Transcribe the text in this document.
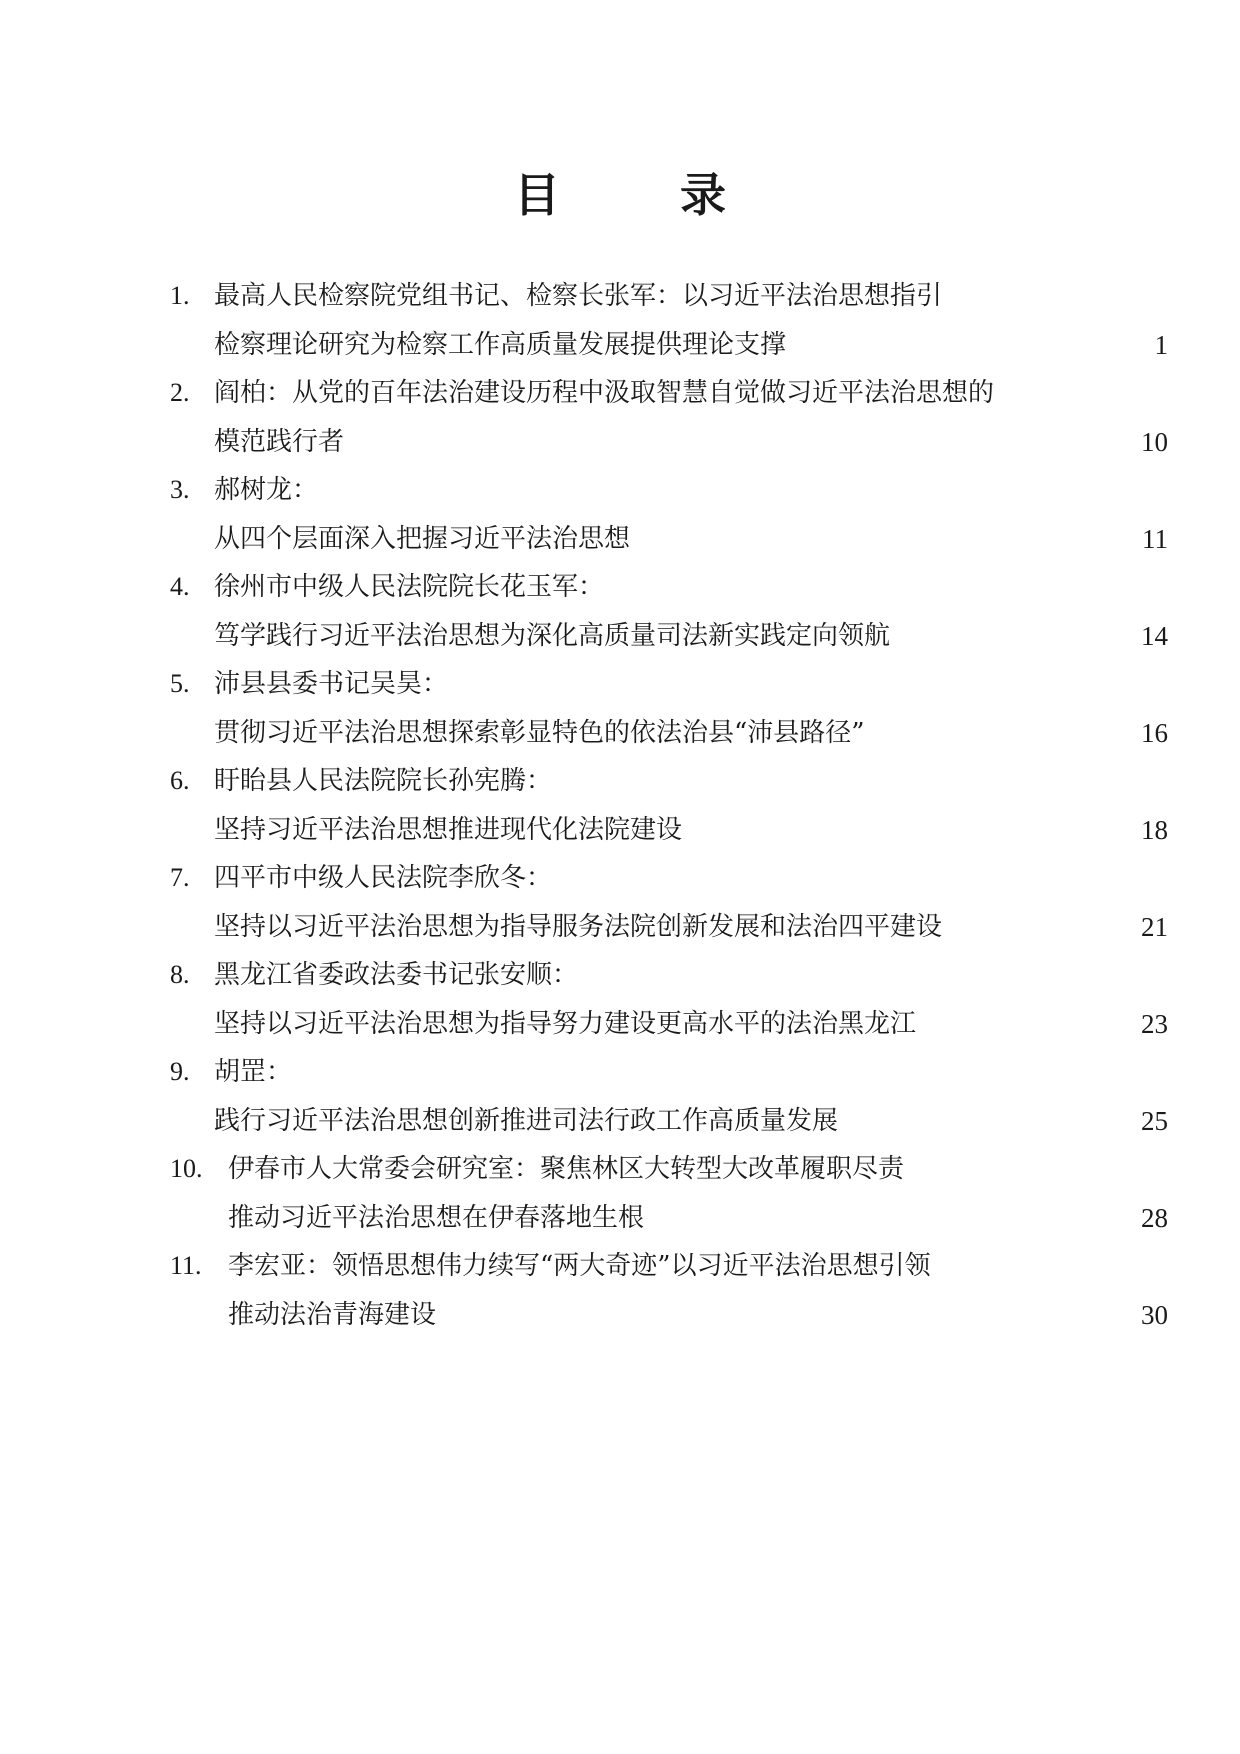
目 录
1. 最高人民检察院党组书记、检察长张军：以习近平法治思想指引
检察理论研究为检察工作高质量发展提供理论支撑	1
2. 阎柏：从党的百年法治建设历程中汲取智慧自觉做习近平法治思想的
模范践行者	10
3. 郝树龙：
从四个层面深入把握习近平法治思想	11
4. 徐州市中级人民法院院长花玉军：
笃学践行习近平法治思想为深化高质量司法新实践定向领航	14
5. 沛县县委书记吴昊：
贯彻习近平法治思想探索彰显特色的依法治县“沛县路径”	16
6. 盱眙县人民法院院长孙宪腾：
坚持习近平法治思想推进现代化法院建设	18
7. 四平市中级人民法院李欣冬：
坚持以习近平法治思想为指导服务法院创新发展和法治四平建设	21
8. 黑龙江省委政法委书记张安顺：
坚持以习近平法治思想为指导努力建设更高水平的法治黑龙江	23
9. 胡罡：
践行习近平法治思想创新推进司法行政工作高质量发展	25
10. 伊春市人大常委会研究室：聚焦林区大转型大改革履职尽责
推动习近平法治思想在伊春落地生根	28
11. 李宏亚：领悟思想伟力续写“两大奇迹”以习近平法治思想引领
推动法治青海建设	30
